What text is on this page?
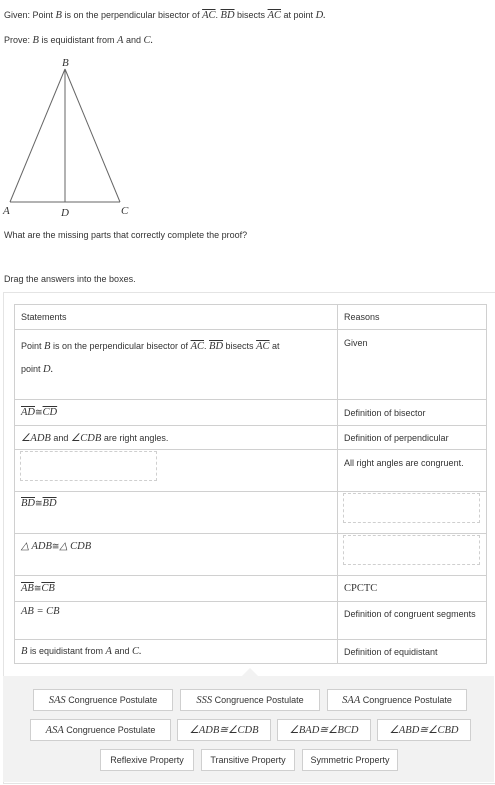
Given: Point B is on the perpendicular bisector of $\overline{AC}$. $\overline{BD}$ bisects $\overline{AC}$ at point D.
Prove: B is equidistant from A and C.
B
A	D	C
What are the missing parts that correctly complete the proof?
Drag the answers into the boxes.
Statements	Reasons

Point B is on the perpendicular bisector of $\overline{AC}$. $\overline{BD}$ bisects $\overline{AC}$ at
point D.	Given

$\overline{AD}≅\overline{CD}$	Definition of bisector
∠ADB and ∠CDB are right angles.	Definition of perpendicular

	All right angles are congruent.

$\overline{BD}≅\overline{BD}$

△ ADB≅△ CDB	

$\overline{AB}≅\overline{CB}$	CPCTC

AB = CB	Definition of congruent segments

B is equidistant from A and C.	Definition of equidistant
SAS
Congruence Postulate	SSS
Congruence Postulate	SAA
Congruence Postulate
ASA
Congruence Postulate	∠ADB≅∠CDB	∠BAD≅∠BCD	∠ABD≅∠CBD
Reflexive Property	Transitive Property	Symmetric Property
